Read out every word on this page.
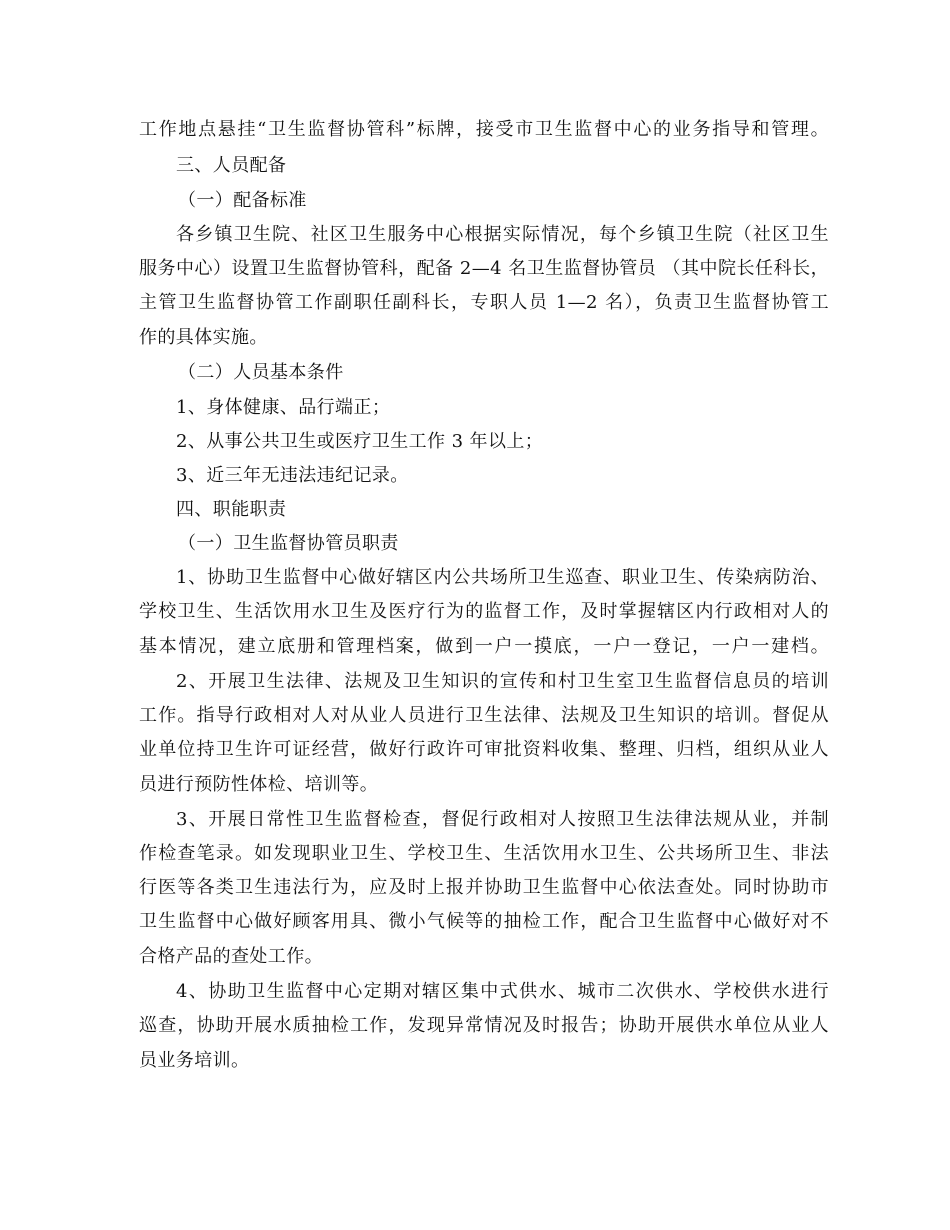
工作地点悬挂“卫生监督协管科”标牌，接受市卫生监督中心的业务指导和管理。
三、人员配备
（一）配备标准
各乡镇卫生院、社区卫生服务中心根据实际情况，每个乡镇卫生院（社区卫生
服务中心）设置卫生监督协管科，配备 2—4 名卫生监督协管员 （其中院长任科长，
主管卫生监督协管工作副职任副科长，专职人员 1—2 名），负责卫生监督协管工
作的具体实施。
（二）人员基本条件
1、身体健康、品行端正；
2、从事公共卫生或医疗卫生工作 3 年以上；
3、近三年无违法违纪记录。
四、职能职责
（一）卫生监督协管员职责
1、协助卫生监督中心做好辖区内公共场所卫生巡查、职业卫生、传染病防治、
学校卫生、生活饮用水卫生及医疗行为的监督工作，及时掌握辖区内行政相对人的
基本情况，建立底册和管理档案，做到一户一摸底，一户一登记，一户一建档。
2、开展卫生法律、法规及卫生知识的宣传和村卫生室卫生监督信息员的培训
工作。指导行政相对人对从业人员进行卫生法律、法规及卫生知识的培训。督促从
业单位持卫生许可证经营，做好行政许可审批资料收集、整理、归档，组织从业人
员进行预防性体检、培训等。
3、开展日常性卫生监督检查，督促行政相对人按照卫生法律法规从业，并制
作检查笔录。如发现职业卫生、学校卫生、生活饮用水卫生、公共场所卫生、非法
行医等各类卫生违法行为，应及时上报并协助卫生监督中心依法查处。同时协助市
卫生监督中心做好顾客用具、微小气候等的抽检工作，配合卫生监督中心做好对不
合格产品的查处工作。
4、协助卫生监督中心定期对辖区集中式供水、城市二次供水、学校供水进行
巡查，协助开展水质抽检工作，发现异常情况及时报告；协助开展供水单位从业人
员业务培训。
